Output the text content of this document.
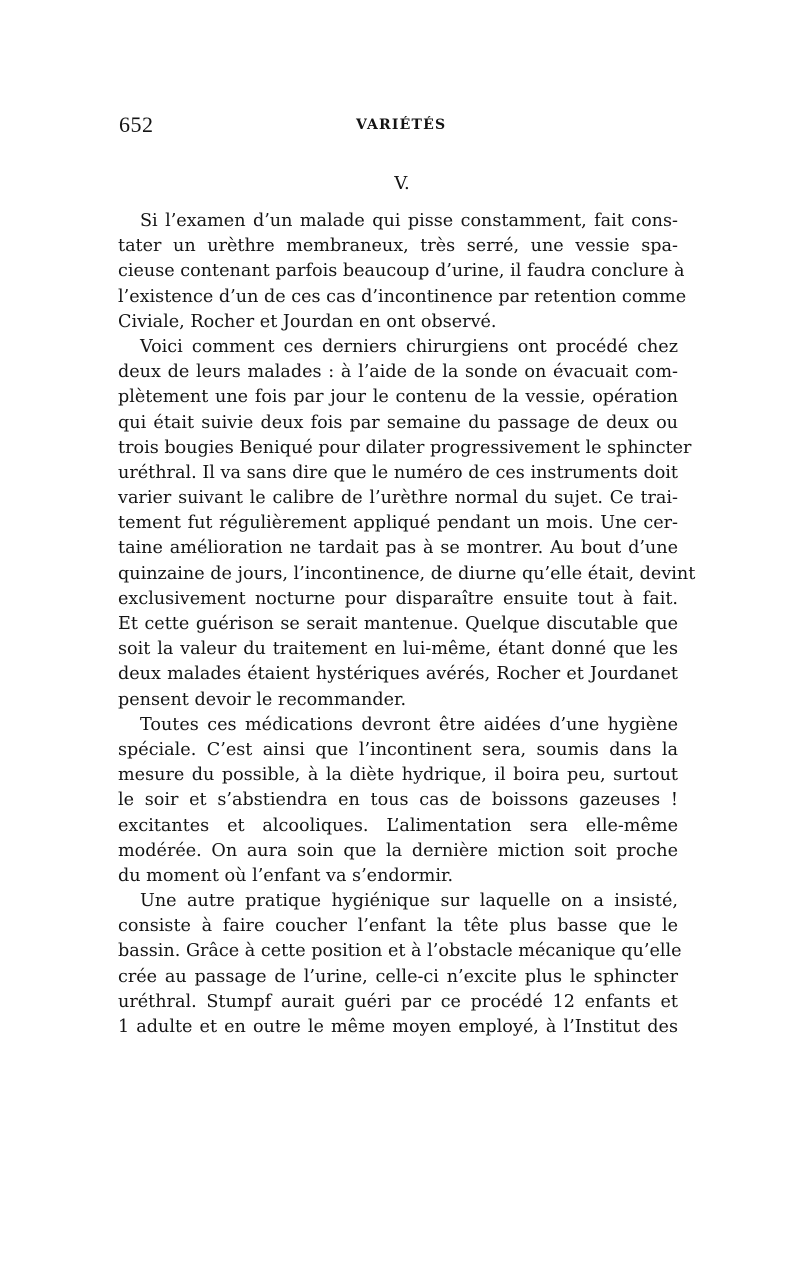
652	VARIÉTÉS
V.
Si l’examen d’un malade qui pisse constamment, fait cons-
tater un urèthre membraneux, très serré, une vessie spa-
cieuse contenant parfois beaucoup d’urine, il faudra conclure à
l’existence d’un de ces cas d’incontinence par retention comme
Civiale, Rocher et Jourdan en ont observé.
Voici comment ces derniers chirurgiens ont procédé chez
deux de leurs malades : à l’aide de la sonde on évacuait com-
plètement une fois par jour le contenu de la vessie, opération
qui était suivie deux fois par semaine du passage de deux ou
trois bougies Beniqué pour dilater progressivement le sphincter
uréthral. Il va sans dire que le numéro de ces instruments doit
varier suivant le calibre de l’urèthre normal du sujet. Ce trai-
tement fut régulièrement appliqué pendant un mois. Une cer-
taine amélioration ne tardait pas à se montrer. Au bout d’une
quinzaine de jours, l’incontinence, de diurne qu’elle était, devint
exclusivement nocturne pour disparaître ensuite tout à fait.
Et cette guérison se serait mantenue. Quelque discutable que
soit la valeur du traitement en lui-même, étant donné que les
deux malades étaient hystériques avérés, Rocher et Jourdanet
pensent devoir le recommander.
Toutes ces médications devront être aidées d’une hygiène
spéciale. C’est ainsi que l’incontinent sera, soumis dans la
mesure du possible, à la diète hydrique, il boira peu, surtout
le soir et s’abstiendra en tous cas de boissons gazeuses !
excitantes et alcooliques. L’alimentation sera elle-même
modérée. On aura soin que la dernière miction soit proche
du moment où l’enfant va s’endormir.
Une autre pratique hygiénique sur laquelle on a insisté,
consiste à faire coucher l’enfant la tête plus basse que le
bassin. Grâce à cette position et à l’obstacle mécanique qu’elle
crée au passage de l’urine, celle-ci n’excite plus le sphincter
uréthral. Stumpf aurait guéri par ce procédé 12 enfants et
1 adulte et en outre le même moyen employé, à l’Institut des
